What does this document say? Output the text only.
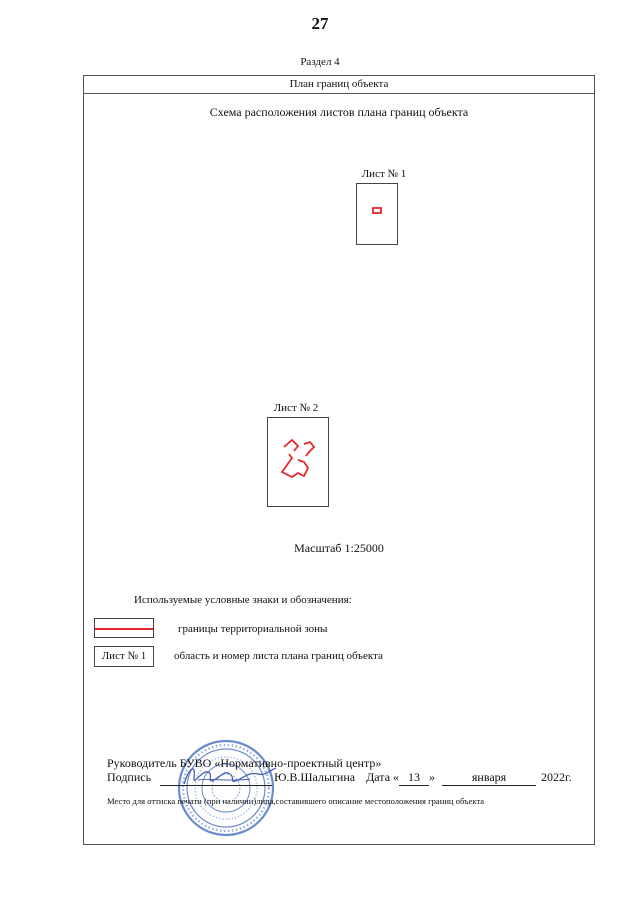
27
Раздел 4
План границ объекта
Схема расположения листов плана границ объекта
Лист № 1
Лист № 2
Масштаб 1:25000
Используемые условные знаки и обозначения:
границы территориальной зоны
Лист № 1	область и номер листа плана границ объекта
Руководитель БУВО «Нормативно-проектный центр»
Подпись	Ю.В.Шалыгина Дата « 13 »	января	2022г.
Место для оттиска печати (при наличии)лица,составившего описание местоположения границ объекта
